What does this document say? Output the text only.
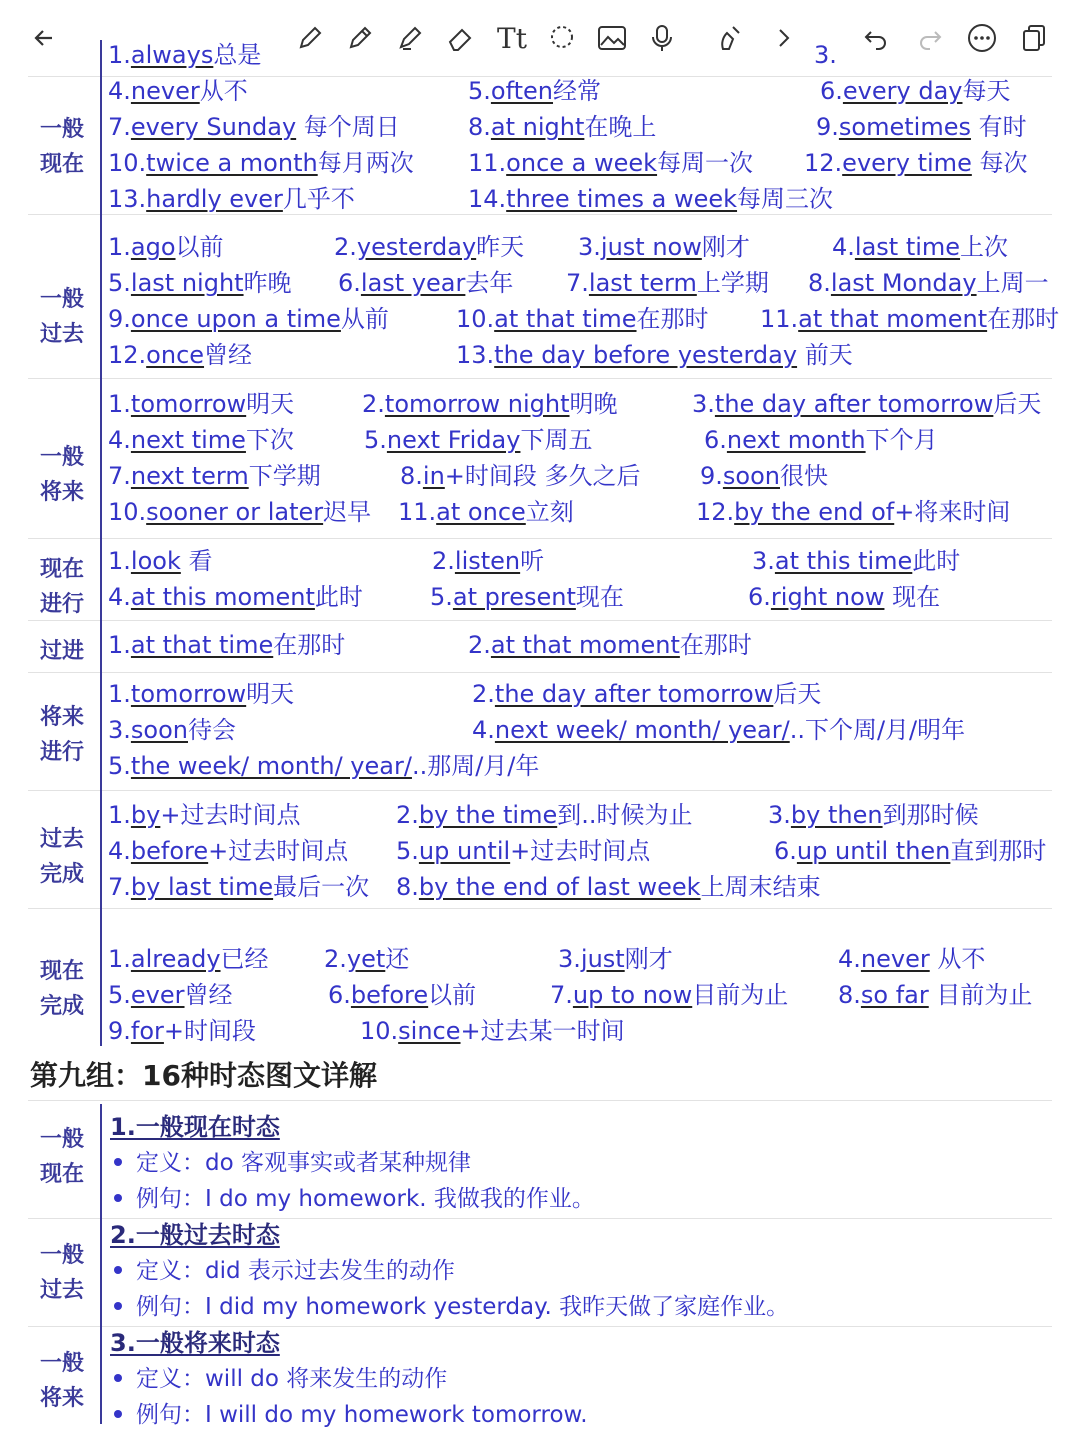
一般
现在
1.always总是	3.
4.never从不	5.often经常	6.every day每天
7.every Sunday 每个周日	8.at night在晚上	9.sometimes 有时
10.twice a month每月两次 11.once a week每周一次 12.every time 每次
13.hardly ever几乎不	14.three times a week每周三次
一般
过去
1.ago以前	2.yesterday昨天 3.just now刚才	4.last time上次
5.last night昨晚 6.last year去年 7.last term上学期 8.last Monday上周一
9.once upon a time从前	10.at that time在那时 11.at that moment在那时
12.once曾经	13.the day before yesterday 前天
一般
将来
1.tomorrow明天	2.tomorrow night明晚	3.the day after tomorrow后天
4.next time下次	5.next Friday下周五	6.next month下个月
7.next term下学期	8.in+时间段 多久之后 9.soon很快
10.sooner or later迟早 11.at once立刻	12.by the end of+将来时间
现在
进行
1.look 看	2.listen听	3.at this time此时
4.at this moment此时	5.at present现在	6.right now 现在
过进	1.at that time在那时	2.at that moment在那时
将来
进行
1.tomorrow明天	2.the day after tomorrow后天
3.soon待会	4.next week/ month/ year/..下个周/月/明年
5.the week/ month/ year/..那周/月/年
过去
完成
1.by+过去时间点	2.by the time到..时候为止	3.by then到那时候
4.before+过去时间点 5.up until+过去时间点	6.up until then直到那时
7.by last time最后一次 8.by the end of last week上周末结束
现在
完成
1.already已经 2.yet还	3.just刚才	4.never 从不
5.ever曾经	6.before以前	7.up to now目前为止 8.so far 目前为止
9.for+时间段	10.since+过去某一时间
第九组：16种时态图文详解
一般
现在
1.一般现在时态
定义：do 客观事实或者某种规律
例句：I do my homework. 我做我的作业。
一般
过去
2.一般过去时态
定义：did 表示过去发生的动作
例句：I did my homework yesterday. 我昨天做了家庭作业。
一般
将来
3.一般将来时态
定义：will do 将来发生的动作
例句：I will do my homework tomorrow.
Tt
